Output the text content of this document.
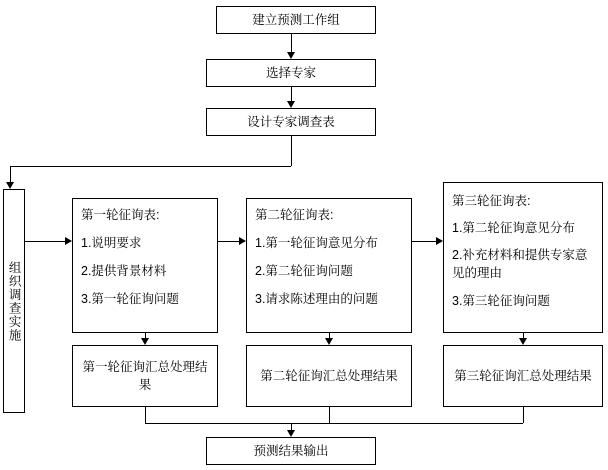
建立预测工作组
选择专家
设计专家调查表
组织调查实施
第一轮征询表:
1.说明要求
2.提供背景材料
3.第一轮征询问题
第二轮征询表:
1.第一轮征询意见分布
2.第二轮征询问题
3.请求陈述理由的问题
第三轮征询表:
1.第二轮征询意见分布
2.补充材料和提供专家意见的理由
3.第三轮征询问题
第一轮征询汇总处理结果
第二轮征询汇总处理结果	第三轮征询汇总处理结果
预测结果输出
